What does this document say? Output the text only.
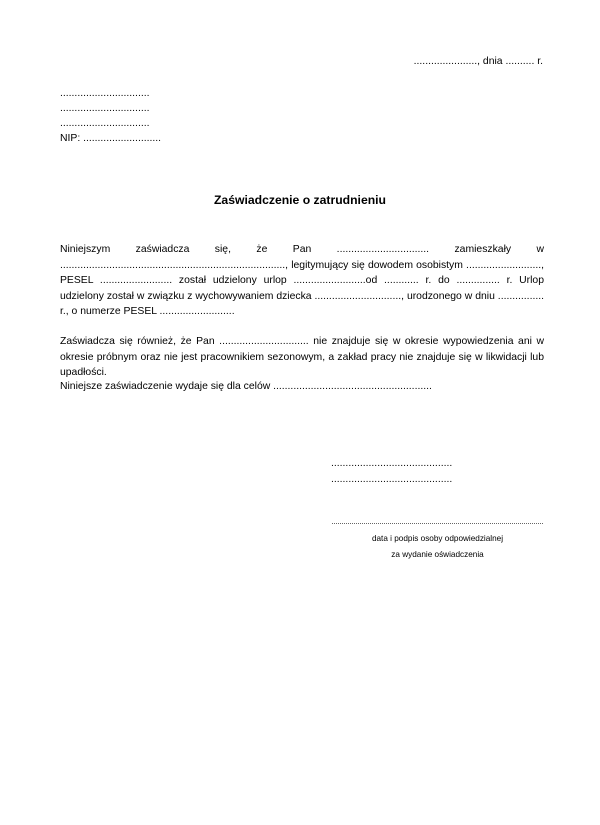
......................, dnia .......... r.
...............................
...............................
...............................
NIP: ...........................
Zaświadczenie o zatrudnieniu
Niniejszym zaświadcza się, że Pan ................................ zamieszkały w .............................................................................., legitymujący się dowodem osobistym .........................., PESEL ......................... został udzielony urlop .........................od ............ r. do ............... r. Urlop udzielony został w związku z wychowywaniem dziecka .............................., urodzonego w dniu ................ r., o numerze PESEL ..........................
Zaświadcza się również, że Pan ............................... nie znajduje się w okresie wypowiedzenia ani w okresie próbnym oraz nie jest pracownikiem sezonowym, a zakład pracy nie znajduje się w likwidacji lub upadłości.
Niniejsze zaświadczenie wydaje się dla celów .......................................................
..........................................
..........................................
data i podpis osoby odpowiedzialnej
za wydanie oświadczenia
